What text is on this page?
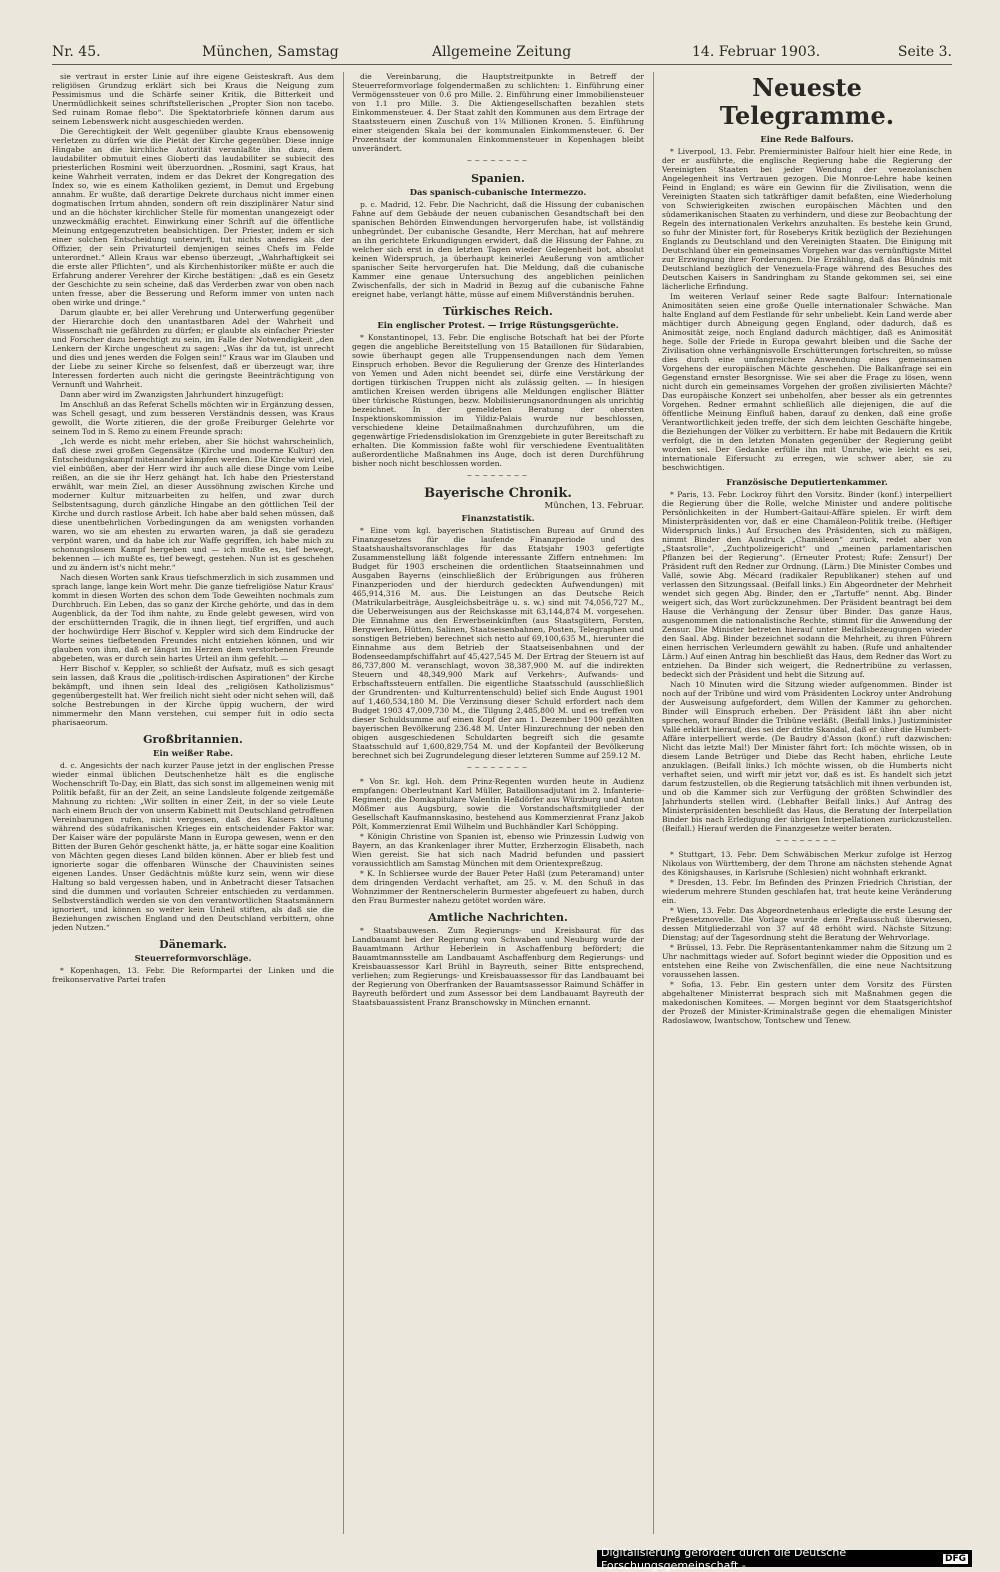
Nr. 45.	München, Samstag	Allgemeine Zeitung	14. Februar 1903.	Seite 3.

sie vertraut in erster Linie auf ihre eigene Geisteskraft. Aus dem religiösen Grundzug erklärt sich bei Kraus die Neigung zum Pessimismus und die Schärfe seiner Kritik, die Bitterkeit und Unermüdlichkeit seines schriftstellerischen „Propter Sion non tacebo. Sed ruinam Romae flebo“. Die Spektatorbriefe können darum aus seinem Lebenswerk nicht ausgeschieden werden.

Die Gerechtigkeit der Welt gegenüber glaubte Kraus ebensowenig verletzen zu dürfen wie die Pietät der Kirche gegenüber. Diese innige Hingabe an die kirchliche Autorität veranlaßte ihn dazu, dem laudabiliter obmutuit eines Gioberti das laudabiliter se subiecit des priesterlichen Rosmini weit überzuordnen. „Rosmini, sagt Kraus, hat keine Wahrheit verraten, indem er das Dekret der Kongregation des Index so, wie es einem Katholiken geziemt, in Demut und Ergebung annahm. Er wußte, daß derartige Dekrete durchaus nicht immer einen dogmatischen Irrtum ahnden, sondern oft rein disziplinärer Natur sind und an die höchster kirchlicher Stelle für momentan unangezeigt oder unzweckmäßig erachtet. Einwirkung einer Schrift auf die öffentliche Meinung entgegenzutreten beabsichtigen. Der Priester, indem er sich einer solchen Entscheidung unterwirft, tut nichts anderes als der Offizier, der sein Privaturteil demjenigen seines Chefs im Felde unterordnet.“ Allein Kraus war ebenso überzeugt, „Wahrhaftigkeit sei die erste aller Pflichten“, und als Kirchenhistoriker müßte er auch die Erfahrung anderer Verehrer der Kirche bestätigen: „daß es ein Gesetz der Geschichte zu sein scheine, daß das Verderben zwar von oben nach unten fresse, aber die Besserung und Reform immer von unten nach oben wirke und dringe.“

Darum glaubte er, bei aller Verehrung und Unterwerfung gegenüber der Hierarchie doch den unantastbaren Adel der Wahrheit und Wissenschaft nie gefährden zu dürfen; er glaubte als einfacher Priester und Forscher dazu berechtigt zu sein, im Falle der Notwendigkeit „den Lenkern der Kirche ungescheut zu sagen: „Was ihr da tut, ist unrecht und dies und jenes werden die Folgen sein!“ Kraus war im Glauben und der Liebe zu seiner Kirche so felsenfest, daß er überzeugt war, ihre Interessen forderten auch nicht die geringste Beeinträchtigung von Vernunft und Wahrheit.

Dann aber wird im Zwanzigsten Jahrhundert hinzugefügt:

Im Anschluß an das Referat Schells möchten wir in Ergänzung dessen, was Schell gesagt, und zum besseren Verständnis dessen, was Kraus gewollt, die Worte zitieren, die der große Freiburger Gelehrte vor seinem Tod in S. Remo zu einem Freunde sprach:

„Ich werde es nicht mehr erleben, aber Sie höchst wahrscheinlich, daß diese zwei großen Gegensätze (Kirche und moderne Kultur) den Entscheidungskampf miteinander kämpfen werden. Die Kirche wird viel, viel einbüßen, aber der Herr wird ihr auch alle diese Dinge vom Leibe reißen, an die sie ihr Herz gehängt hat. Ich habe den Priesterstand erwählt, war mein Ziel, an dieser Aussöhnung zwischen Kirche und moderner Kultur mitzuarbeiten zu helfen, und zwar durch Selbstentsagung, durch gänzliche Hingabe an den göttlichen Teil der Kirche und durch rastlose Arbeit. Ich habe aber bald sehen müssen, daß diese unentbehrlichen Vorbedingungen da am wenigsten vorhanden waren, wo sie am ehesten zu erwarten waren, ja daß sie geradezu verpönt waren, und da habe ich zur Waffe gegriffen, ich habe mich zu schonungslosem Kampf hergeben und — ich mußte es, tief bewegt, bekennen — ich mußte es, tief bewegt, gestehen. Nun ist es geschehen und zu ändern ist's nicht mehr.“

Nach diesen Worten sank Kraus tiefschmerzlich in sich zusammen und sprach lange, lange kein Wort mehr. Die ganze tiefreligiöse Natur Kraus' kommt in diesen Worten des schon dem Tode Geweihten nochmals zum Durchbruch. Ein Leben, das so ganz der Kirche gehörte, und das in dem Augenblick, da der Tod ihm nahte, zu Ende gelebt gewesen, wird von der erschütternden Tragik, die in ihnen liegt, tief ergriffen, und auch der hochwürdige Herr Bischof v. Keppler wird sich dem Eindrucke der Worte seines tiefbetenden Freundes nicht entziehen können, und wir glauben von ihm, daß er längst im Herzen dem verstorbenen Freunde abgebeten, was er durch sein hartes Urteil an ihm gefehlt. —

Herr Bischof v. Keppler, so schließt der Aufsatz, muß es sich gesagt sein lassen, daß Kraus die „politisch-irdischen Aspirationen“ der Kirche bekämpft, und ihnen sein Ideal des „religiösen Katholizismus“ gegenübergestellt hat. Wer freilich nicht sieht oder nicht sehen will, daß solche Bestrebungen in der Kirche üppig wuchern, der wird nimmermehr den Mann verstehen, cui semper fuit in odio secta pharisaeorum.

Großbritannien.
Ein weißer Rabe.

d. c. Angesichts der nach kurzer Pause jetzt in der englischen Presse wieder einmal üblichen Deutschenhetze hält es die englische Wochenschrift To-Day, ein Blatt, das sich sonst im allgemeinen wenig mit Politik befaßt, für an der Zeit, an seine Landsleute folgende zeitgemäße Mahnung zu richten: „Wir sollten in einer Zeit, in der so viele Leute nach einem Bruch der von unserm Kabinett mit Deutschland getroffenen Vereinbarungen rufen, nicht vergessen, daß des Kaisers Haltung während des südafrikanischen Krieges ein entscheidender Faktor war. Der Kaiser wäre der populärste Mann in Europa gewesen, wenn er den Bitten der Buren Gehör geschenkt hätte, ja, er hätte sogar eine Koalition von Mächten gegen dieses Land bilden können. Aber er blieb fest und ignorierte sogar die offenbaren Wünsche der Chauvinisten seines eigenen Landes. Unser Gedächtnis müßte kurz sein, wenn wir diese Haltung so bald vergessen haben, und in Anbetracht dieser Tatsachen sind die dummen und vorlauten Schreier entschieden zu verdammen. Selbstverständlich werden sie von den verantwortlichen Staatsmännern ignoriert, und können so weiter kein Unheil stiften, als daß sie die Beziehungen zwischen England und den Deutschland verbittern, ohne jeden Nutzen.“

Dänemark.
Steuerreformvorschläge.

* Kopenhagen, 13. Febr. Die Reformpartei der Linken und die freikonservative Partei trafen

die Vereinbarung, die Hauptstreitpunkte in Betreff der Steuerreformvorlage folgendermaßen zu schlichten: 1. Einführung einer Vermögenssteuer von 0.6 pro Mille. 2. Einführung einer Immobiliensteuer von 1.1 pro Mille. 3. Die Aktiengesellschaften bezahlen stets Einkommensteuer. 4. Der Staat zahlt den Kommunen aus dem Ertrage der Staatssteuern einen Zuschuß von 1¼ Millionen Kronen. 5. Einführung einer steigenden Skala bei der kommunalen Einkommensteuer. 6. Der Prozentsatz der kommunalen Einkommensteuer in Kopenhagen bleibt unverändert.

~~~~~~~~
Spanien.
Das spanisch-cubanische Intermezzo.

p. c. Madrid, 12. Febr. Die Nachricht, daß die Hissung der cubanischen Fahne auf dem Gebäude der neuen cubanischen Gesandtschaft bei den spanischen Behörden Einwendungen hervorgerufen habe, ist vollständig unbegründet. Der cubanische Gesandte, Herr Merchan, hat auf mehrere an ihn gerichtete Erkundigungen erwidert, daß die Hissung der Fahne, zu welcher sich erst in den letzten Tagen wieder Gelegenheit bot, absolut keinen Widerspruch, ja überhaupt keinerlei Aeußerung von amtlicher spanischer Seite hervorgerufen hat. Die Meldung, daß die cubanische Kammer eine genaue Untersuchung des angeblichen peinlichen Zwischenfalls, der sich in Madrid in Bezug auf die cubanische Fahne ereignet habe, verlangt hätte, müsse auf einem Mißverständnis beruhen.

Türkisches Reich.
Ein englischer Protest. — Irrige Rüstungsgerüchte.

* Konstantinopel, 13. Febr. Die englische Botschaft hat bei der Pforte gegen die angebliche Bereitstellung von 15 Bataillonen für Südarabien, sowie überhaupt gegen alle Truppensendungen nach dem Yemen Einspruch erhoben. Bevor die Regulierung der Grenze des Hinterlandes von Yemen und Aden nicht beendet sei, dürfe eine Verstärkung der dortigen türkischen Truppen nicht als zulässig gelten. — In hiesigen amtlichen Kreisen werden übrigens alle Meldungen englischer Blätter über türkische Rüstungen, bezw. Mobilisierungsanordnungen als unrichtig bezeichnet. In der gemeldeten Beratung der obersten Inspektionskommission im Yildiz-Palais wurde nur beschlossen, verschiedene kleine Detailmaßnahmen durchzuführen, um die gegenwärtige Friedensdislokation im Grenzgebiete in guter Bereitschaft zu erhalten. Die Kommission faßte wohl für verschiedene Eventualitäten außerordentliche Maßnahmen ins Auge, doch ist deren Durchführung bisher noch nicht beschlossen worden.

~~~~~~~~
Bayerische Chronik.
München, 13. Februar.
Finanzstatistik.

* Eine vom kgl. bayerischen Statistischen Bureau auf Grund des Finanzgesetzes für die laufende Finanzperiode und des Staatshaushaltsvoranschlages für das Etatsjahr 1903 gefertigte Zusammenstellung läßt folgende interessante Ziffern entnehmen: Im Budget für 1903 erscheinen die ordentlichen Staatseinnahmen und Ausgaben Bayerns (einschließlich der Erübrigungen aus früheren Finanzperioden und der hierdurch gedeckten Aufwendungen) mit 465,914,316 M. aus. Die Leistungen an das Deutsche Reich (Matrikularbeiträge, Ausgleichsbeiträge u. s. w.) sind mit 74,056,727 M., die Ueberweisungen aus der Reichskasse mit 63,144,874 M. vorgesehen. Die Einnahme aus den Erwerbseinkünften (aus Staatsgütern, Forsten, Bergwerken, Hütten, Salinen, Staatseisenbahnen, Posten, Telegraphen und sonstigen Betrieben) berechnet sich netto auf 69,100,635 M., hierunter die Einnahme aus dem Betrieb der Staatseisenbahnen und der Bodenseedampfschiffahrt auf 45,427,545 M. Der Ertrag der Steuern ist auf 86,737,800 M. veranschlagt, wovon 38,387,900 M. auf die indirekten Steuern und 48,349,900 Mark auf Verkehrs-, Aufwands- und Erbschaftssteuern entfallen. Die eigentliche Staatsschuld (ausschließlich der Grundrenten- und Kulturrentenschuld) belief sich Ende August 1901 auf 1,460,534,180 M. Die Verzinsung dieser Schuld erfordert nach dem Budget 1903 47,009,730 M., die Tilgung 2,485,800 M. und es treffen von dieser Schuldsumme auf einen Kopf der am 1. Dezember 1900 gezählten bayerischen Bevölkerung 236.48 M. Unter Hinzurechnung der neben den obigen ausgeschiedenen Schuldarten begreift sich die gesamte Staatsschuld auf 1,600,829,754 M. und der Kopfanteil der Bevölkerung berechnet sich bei Zugrundelegung dieser letzteren Summe auf 259.12 M.

~~~~~~~~

* Von Sr. kgl. Hoh. dem Prinz-Regenten wurden heute in Audienz empfangen: Oberleutnant Karl Müller, Bataillonsadjutant im 2. Infanterie-Regiment; die Domkapitulare Valentin Heßdörfer aus Würzburg und Anton Mößmer aus Augsburg, sowie die Vorstandschaftsmitglieder der Gesellschaft Kaufmannskasino, bestehend aus Kommerzienrat Franz Jakob Pölt, Kommerzienrat Emil Wilhelm und Buchhändler Karl Schöpping.

* Königin Christine von Spanien ist, ebenso wie Prinzessin Ludwig von Bayern, an das Krankenlager ihrer Mutter, Erzherzogin Elisabeth, nach Wien gereist. Sie hat sich nach Madrid befunden und passiert voraussichtlich am Samstag München mit dem Orientexpreßzug.

* K. In Schliersee wurde der Bauer Peter Haßl (zum Peteramand) unter dem dringenden Verdacht verhaftet, am 25. v. M. den Schuß in das Wohnzimmer der Rentnerschelerin Burmester abgefeuert zu haben, durch den Frau Burmester nahezu getötet worden wäre.

Amtliche Nachrichten.

* Staatsbauwesen. Zum Regierungs- und Kreisbaurat für das Landbauamt bei der Regierung von Schwaben und Neuburg wurde der Bauamtmann Arthur Heberlein in Aschaffenburg befördert; die Bauamtmannsstelle am Landbauamt Aschaffenburg dem Regierungs- und Kreisbauassessor Karl Brühl in Bayreuth, seiner Bitte entsprechend, verliehen; zum Regierungs- und Kreisbauassessor für das Landbauamt bei der Regierung von Oberfranken der Bauamtsassessor Raimund Schäffer in Bayreuth befördert und zum Assessor bei dem Landbauamt Bayreuth der Staatsbauassistent Franz Branschowsky in München ernannt.

Neueste Telegramme.
Eine Rede Balfours.

* Liverpool, 13. Febr. Premierminister Balfour hielt hier eine Rede, in der er ausführte, die englische Regierung habe die Regierung der Vereinigten Staaten bei jeder Wendung der venezolanischen Angelegenheit ins Vertrauen gezogen. Die Monroe-Lehre habe keinen Feind in England; es wäre ein Gewinn für die Zivilisation, wenn die Vereinigten Staaten sich tatkräftiger damit befaßten, eine Wiederholung von Schwierigkeiten zwischen europäischen Mächten und den südamerikanischen Staaten zu verhindern, und diese zur Beobachtung der Regeln des internationalen Verkehrs anzuhalten. Es bestehe kein Grund, so fuhr der Minister fort, für Roseberys Kritik bezüglich der Beziehungen Englands zu Deutschland und den Vereinigten Staaten. Die Einigung mit Deutschland über ein gemeinsames Vorgehen war das vernünftigste Mittel zur Erzwingung ihrer Forderungen. Die Erzählung, daß das Bündnis mit Deutschland bezüglich der Venezuela-Frage während des Besuches des Deutschen Kaisers in Sandringham zu Stande gekommen sei, sei eine lächerliche Erfindung.

Im weiteren Verlauf seiner Rede sagte Balfour: Internationale Animositäten seien eine große Quelle internationaler Schwäche. Man halte England auf dem Festlande für sehr unbeliebt. Kein Land werde aber mächtiger durch Abneigung gegen England, oder dadurch, daß es Animosität zeige, noch England dadurch mächtiger, daß es Animosität hege. Solle der Friede in Europa gewahrt bleiben und die Sache der Zivilisation ohne verhängnisvolle Erschütterungen fortschreiten, so müsse dies durch eine umfangreichere Anwendung eines gemeinsamen Vorgehens der europäischen Mächte geschehen. Die Balkanfrage sei ein Gegenstand ernster Besorgnisse. Wie sei aber die Frage zu lösen, wenn nicht durch ein gemeinsames Vorgehen der großen zivilisierten Mächte? Das europäische Konzert sei unbeholfen, aber besser als ein getrenntes Vorgehen. Redner ermahnt schließlich alle diejenigen, die auf die öffentliche Meinung Einfluß haben, darauf zu denken, daß eine große Verantwortlichkeit jeden treffe, der sich dem leichten Geschäfte hingebe, die Beziehungen der Völker zu verbittern. Er habe mit Bedauern die Kritik verfolgt, die in den letzten Monaten gegenüber der Regierung geübt worden sei. Der Gedanke erfülle ihn mit Unruhe, wie leicht es sei, internationale Eifersucht zu erregen, wie schwer aber, sie zu beschwichtigen.

Französische Deputiertenkammer.

* Paris, 13. Febr. Lockroy führt den Vorsitz. Binder (konf.) interpelliert die Regierung über die Rolle, welche Minister und andere politische Persönlichkeiten in der Humbert-Gaitaui-Affäre spielen. Er wirft dem Ministerpräsidenten vor, daß er eine Chamäleon-Politik treibe. (Heftiger Widerspruch links.) Auf Ersuchen des Präsidenten, sich zu mäßigen, nimmt Binder den Ausdruck „Chamäleon“ zurück, redet aber von „Staatsrolle“, „Zuchtpolizeigericht“ und „meinen parlamentarischen Pflanzen bei der Regierung“. (Erneuter Protest; Rufe: Zensur!) Der Präsident ruft den Redner zur Ordnung. (Lärm.) Die Minister Combes und Vallé, sowie Abg. Mécard (radikaler Republikaner) stehen auf und verlassen den Sitzungssaal. (Beifall links.) Ein Abgeordneter der Mehrheit wendet sich gegen Abg. Binder, den er „Tartuffe“ nennt. Abg. Binder weigert sich, das Wort zurückzunehmen. Der Präsident beantragt bei dem Hause die Verhängung der Zensur über Binder. Das ganze Haus, ausgenommen die nationalistische Rechte, stimmt für die Anwendung der Zensur. Die Minister betreten hierauf unter Beifallsbezeugungen wieder den Saal. Abg. Binder bezeichnet sodann die Mehrheit, zu ihren Führern einen herrischen Verleumdern gewählt zu haben. (Rufe und anhaltender Lärm.) Auf einen Antrag hin beschließt das Haus, dem Redner das Wort zu entziehen. Da Binder sich weigert, die Rednertribüne zu verlassen, bedeckt sich der Präsident und hebt die Sitzung auf.

Nach 10 Minuten wird die Sitzung wieder aufgenommen. Binder ist noch auf der Tribüne und wird vom Präsidenten Lockroy unter Androhung der Ausweisung aufgefordert, dem Willen der Kammer zu gehorchen. Binder will Einspruch erheben. Der Präsident läßt ihn aber nicht sprechen, worauf Binder die Tribüne verläßt. (Beifall links.) Justizminister Vallé erklärt hierauf, dies sei der dritte Skandal, daß er über die Humbert-Affäre interpelliert werde. (De Baudry d'Asson (konf.) ruft dazwischen: Nicht das letzte Mal!) Der Minister fährt fort: Ich möchte wissen, ob in diesem Lande Betrüger und Diebe das Recht haben, ehrliche Leute anzuklagen. (Beifall links.) Ich möchte wissen, ob die Humberts nicht verhaftet seien, und wirft mir jetzt vor, daß es ist. Es handelt sich jetzt darum festzustellen, ob die Regierung tatsächlich mit ihnen verbunden ist, und ob die Kammer sich zur Verfügung der größten Schwindler des Jahrhunderts stellen wird. (Lebhafter Beifall links.) Auf Antrag des Ministerpräsidenten beschließt das Haus, die Beratung der Interpellation Binder bis nach Erledigung der übrigen Interpellationen zurückzustellen. (Beifall.) Hierauf werden die Finanzgesetze weiter beraten.

~~~~~~~~

* Stuttgart, 13. Febr. Dem Schwäbischen Merkur zufolge ist Herzog Nikolaus von Württemberg, der dem Throne am nächsten stehende Agnat des Königshauses, in Karlsruhe (Schlesien) nicht wohnhaft erkrankt.

* Dresden, 13. Febr. Im Befinden des Prinzen Friedrich Christian, der wiederum mehrere Stunden geschlafen hat, trat heute keine Veränderung ein.

* Wien, 13. Febr. Das Abgeordnetenhaus erledigte die erste Lesung der Preßgesetznovelle. Die Vorlage wurde dem Preßausschuß überwiesen, dessen Mitgliederzahl von 37 auf 48 erhöht wird. Nächste Sitzung: Dienstag; auf der Tagesordnung steht die Beratung der Wehrvorlage.

* Brüssel, 13. Febr. Die Repräsentantenkammer nahm die Sitzung um 2 Uhr nachmittags wieder auf. Sofort beginnt wieder die Opposition und es entstehen eine Reihe von Zwischenfällen, die eine neue Nachtsitzung voraussehen lassen.

* Sofia, 13. Febr. Ein gestern unter dem Vorsitz des Fürsten abgehaltener Ministerrat besprach sich mit Maßnahmen gegen die makedonischen Komitees. — Morgen beginnt vor dem Staatsgerichtshof der Prozeß der Minister-Kriminalstraße gegen die ehemaligen Minister Radoslawow, Iwantschow, Tontschew und Tenew.

Digitalisierung gefördert durch die Deutsche Forschungsgemeinschaft -	DFG
